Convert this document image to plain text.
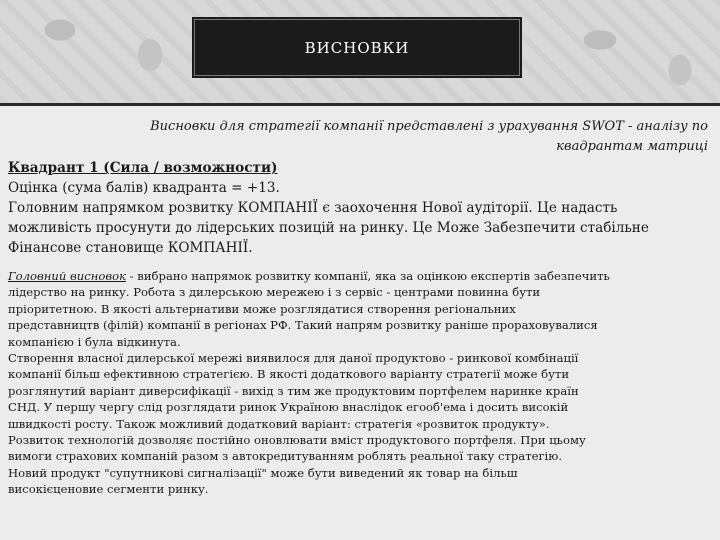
ВИСНОВКИ
Висновки для стратегії компанії представлені з урахування SWOT - аналізу по
квадрантам матриці
Квадрант 1 (Сила / возможности)
Оцінка (сума балів) квадранта = +13.
Головним напрямком розвитку КОМПАНІЇ є заохочення Нової аудіторії. Це надасть
можливість просунути до лідерських позицій на ринку. Це Може Забезпечити стабільне
Фінансове становище КОМПАНІЇ.
Головний висновок - вибрано напрямок розвитку компанії, яка за оцінкою експертів забезпечить
лідерство на ринку. Робота з дилерською мережею і з сервіс - центрами повинна бути
пріоритетною. В якості альтернативи може розглядатися створення регіональних
представництв (філій) компанії в регіонах РФ. Такий напрям розвитку раніше прораховувалися
компанією і була відкинута.
Створення власної дилерської мережі виявилося для даної продуктово - ринкової комбінації
компанії більш ефективною стратегією. В якості додаткового варіанту стратегії може бути
розглянутий варіант диверсифікації - вихід з тим же продуктовим портфелем наринке країн
СНД. У першу чергу слід розглядати ринок Україною внаслідок егооб'ема і досить високій
швидкості росту. Також можливий додатковий варіант: стратегія «розвиток продукту».
Розвиток технологій дозволяє постійно оновлювати вміст продуктового портфеля. При цьому
вимоги страхових компаній разом з автокредитуванням роблять реальної таку стратегію.
Новий продукт "супутникові сигналізації" може бути виведений як товар на більш
високієценовие сегменти ринку.
